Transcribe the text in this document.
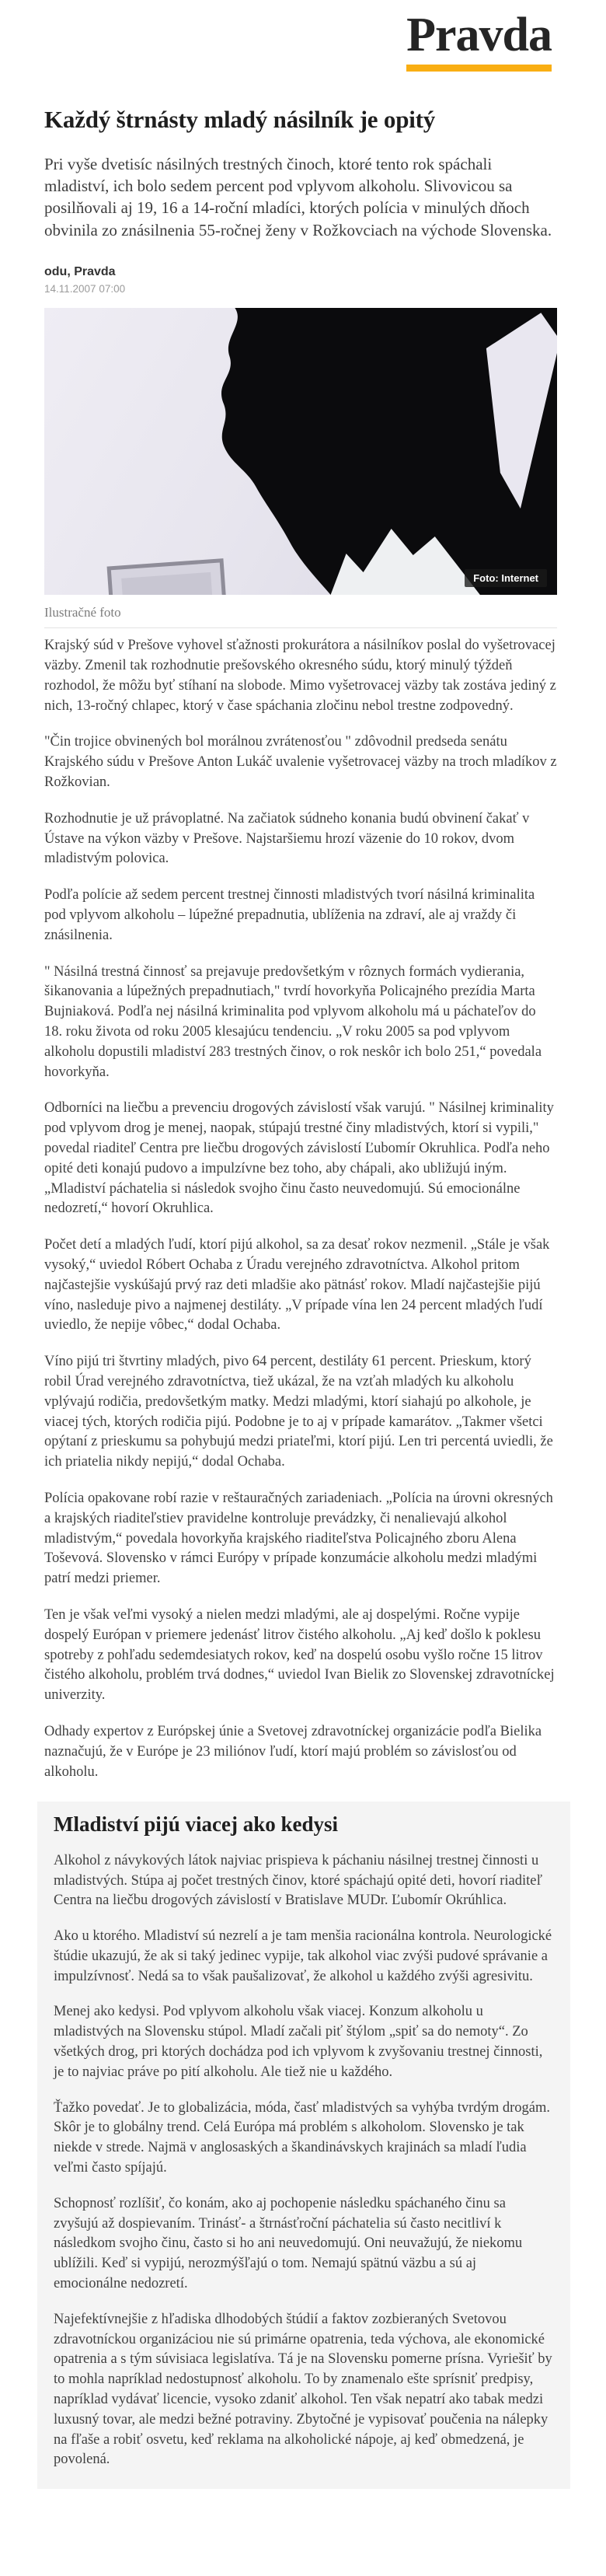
Pravda
Každý štrnásty mladý násilník je opitý

Pri vyše dvetisíc násilných trestných činoch, ktoré tento rok spáchali mladiství, ich bolo sedem percent pod vplyvom alkoholu. Slivovicou sa posilňovali aj 19, 16 a 14-roční mladíci, ktorých polícia v minulých dňoch obvinila zo znásilnenia 55-ročnej ženy v Rožkovciach na východe Slovenska.

odu, Pravda
14.11.2007 07:00
Foto: Internet
Ilustračné foto

Krajský súd v Prešove vyhovel sťažnosti prokurátora a násilníkov poslal do vyšetrovacej väzby. Zmenil tak rozhodnutie prešovského okresného súdu, ktorý minulý týždeň rozhodol, že môžu byť stíhaní na slobode. Mimo vyšetrovacej väzby tak zostáva jediný z nich, 13-ročný chlapec, ktorý v čase spáchania zločinu nebol trestne zodpovedný.

"Čin trojice obvinených bol morálnou zvrátenosťou " zdôvodnil predseda senátu Krajského súdu v Prešove Anton Lukáč uvalenie vyšetrovacej väzby na troch mladíkov z Rožkovian.

Rozhodnutie je už právoplatné. Na začiatok súdneho konania budú obvinení čakať v Ústave na výkon väzby v Prešove. Najstaršiemu hrozí väzenie do 10 rokov, dvom mladistvým polovica.

Podľa polície až sedem percent trestnej činnosti mladistvých tvorí násilná kriminalita pod vplyvom alkoholu – lúpežné prepadnutia, ublíženia na zdraví, ale aj vraždy či znásilnenia.

" Násilná trestná činnosť sa prejavuje predovšetkým v rôznych formách vydierania, šikanovania a lúpežných prepadnutiach," tvrdí hovorkyňa Policajného prezídia Marta Bujniaková. Podľa nej násilná kriminalita pod vplyvom alkoholu má u páchateľov do 18. roku života od roku 2005 klesajúcu tendenciu. „V roku 2005 sa pod vplyvom alkoholu dopustili mladiství 283 trestných činov, o rok neskôr ich bolo 251,“ povedala hovorkyňa.

Odborníci na liečbu a prevenciu drogových závislostí však varujú. " Násilnej kriminality pod vplyvom drog je menej, naopak, stúpajú trestné činy mladistvých, ktorí si vypili," povedal riaditeľ Centra pre liečbu drogových závislostí Ľubomír Okruhlica. Podľa neho opité deti konajú pudovo a impulzívne bez toho, aby chápali, ako ubližujú iným. „Mladiství páchatelia si následok svojho činu často neuvedomujú. Sú emocionálne nedozretí,“ hovorí Okruhlica.

Počet detí a mladých ľudí, ktorí pijú alkohol, sa za desať rokov nezmenil. „Stále je však vysoký,“ uviedol Róbert Ochaba z Úradu verejného zdravotníctva. Alkohol pritom najčastejšie vyskúšajú prvý raz deti mladšie ako pätnásť rokov. Mladí najčastejšie pijú víno, nasleduje pivo a najmenej destiláty. „V prípade vína len 24 percent mladých ľudí uviedlo, že nepije vôbec,“ dodal Ochaba.

Víno pijú tri štvrtiny mladých, pivo 64 percent, destiláty 61 percent. Prieskum, ktorý robil Úrad verejného zdravotníctva, tiež ukázal, že na vzťah mladých ku alkoholu vplývajú rodičia, predovšetkým matky. Medzi mladými, ktorí siahajú po alkohole, je viacej tých, ktorých rodičia pijú. Podobne je to aj v prípade kamarátov. „Takmer všetci opýtaní z prieskumu sa pohybujú medzi priateľmi, ktorí pijú. Len tri percentá uviedli, že ich priatelia nikdy nepijú,“ dodal Ochaba.

Polícia opakovane robí razie v reštauračných zariadeniach. „Polícia na úrovni okresných a krajských riaditeľstiev pravidelne kontroluje prevádzky, či nenalievajú alkohol mladistvým,“ povedala hovorkyňa krajského riaditeľstva Policajného zboru Alena Toševová. Slovensko v rámci Európy v prípade konzumácie alkoholu medzi mladými patrí medzi priemer.

Ten je však veľmi vysoký a nielen medzi mladými, ale aj dospelými. Ročne vypije dospelý Európan v priemere jedenásť litrov čistého alkoholu. „Aj keď došlo k poklesu spotreby z pohľadu sedemdesiatych rokov, keď na dospelú osobu vyšlo ročne 15 litrov čistého alkoholu, problém trvá dodnes,“ uviedol Ivan Bielik zo Slovenskej zdravotníckej univerzity.

Odhady expertov z Európskej únie a Svetovej zdravotníckej organizácie podľa Bielika naznačujú, že v Európe je 23 miliónov ľudí, ktorí majú problém so závislosťou od alkoholu.

Mladiství pijú viacej ako kedysi

Alkohol z návykových látok najviac prispieva k páchaniu násilnej trestnej činnosti u mladistvých. Stúpa aj počet trestných činov, ktoré spáchajú opité deti, hovorí riaditeľ Centra na liečbu drogových závislostí v Bratislave MUDr. Ľubomír Okrúhlica.

Ako u ktorého. Mladiství sú nezrelí a je tam menšia racionálna kontrola. Neurologické štúdie ukazujú, že ak si taký jedinec vypije, tak alkohol viac zvýši pudové správanie a impulzívnosť. Nedá sa to však paušalizovať, že alkohol u každého zvýši agresivitu.

Menej ako kedysi. Pod vplyvom alkoholu však viacej. Konzum alkoholu u mladistvých na Slovensku stúpol. Mladí začali piť štýlom „spiť sa do nemoty“. Zo všetkých drog, pri ktorých dochádza pod ich vplyvom k zvyšovaniu trestnej činnosti, je to najviac práve po pití alkoholu. Ale tiež nie u každého.

Ťažko povedať. Je to globalizácia, móda, časť mladistvých sa vyhýba tvrdým drogám. Skôr je to globálny trend. Celá Európa má problém s alkoholom. Slovensko je tak niekde v strede. Najmä v anglosaských a škandinávskych krajinách sa mladí ľudia veľmi často spíjajú.

Schopnosť rozlíšiť, čo konám, ako aj pochopenie následku spáchaného činu sa zvyšujú až dospievaním. Trinásť- a štrnásťroční páchatelia sú často necitliví k následkom svojho činu, často si ho ani neuvedomujú. Oni neuvažujú, že niekomu ublížili. Keď si vypijú, nerozmýšľajú o tom. Nemajú spätnú väzbu a sú aj emocionálne nedozretí.

Najefektívnejšie z hľadiska dlhodobých štúdií a faktov zozbieraných Svetovou zdravotníckou organizáciou nie sú primárne opatrenia, teda výchova, ale ekonomické opatrenia a s tým súvisiaca legislatíva. Tá je na Slovensku pomerne prísna. Vyriešiť by to mohla napríklad nedostupnosť alkoholu. To by znamenalo ešte sprísniť predpisy, napríklad vydávať licencie, vysoko zdaniť alkohol. Ten však nepatrí ako tabak medzi luxusný tovar, ale medzi bežné potraviny. Zbytočné je vypisovať poučenia na nálepky na fľaše a robiť osvetu, keď reklama na alkoholické nápoje, aj keď obmedzená, je povolená.
